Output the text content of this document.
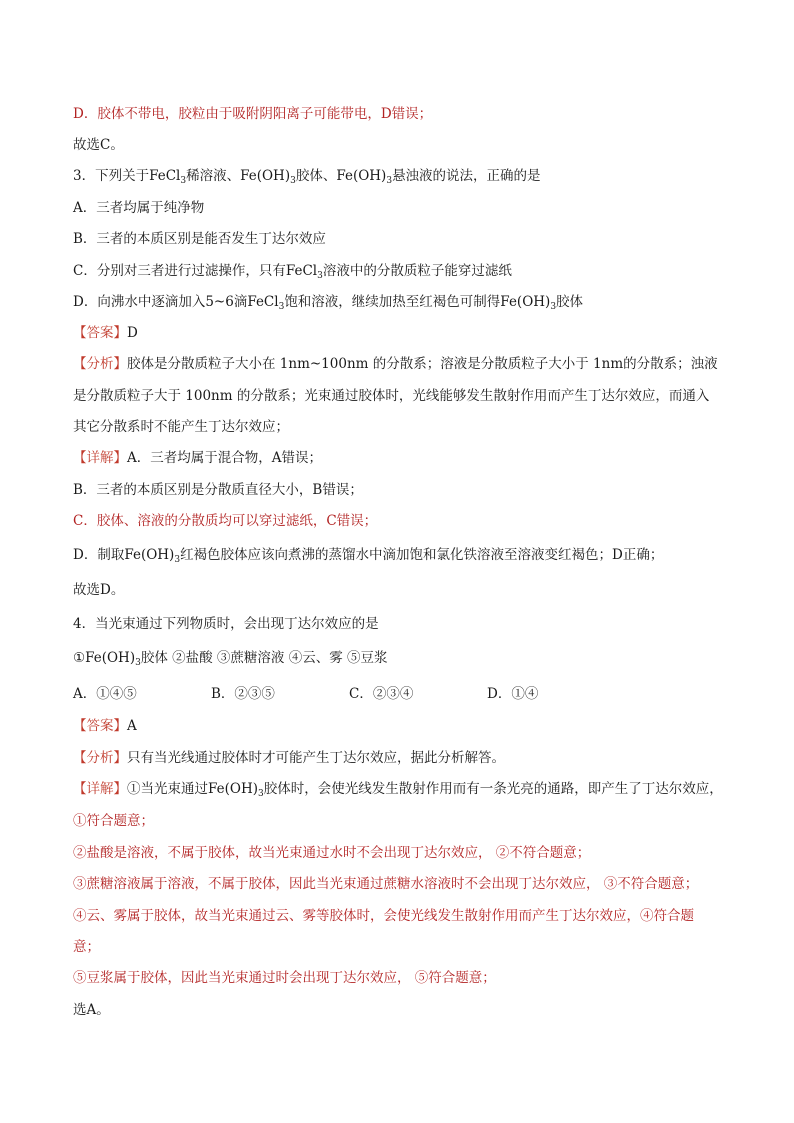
D．胶体不带电，胶粒由于吸附阴阳离子可能带电，D错误；
故选C。
3．下列关于FeCl$_3$稀溶液、$Fe(OH)_3$胶体、$Fe(OH)_3$悬浊液的说法，正确的是
A．三者均属于纯净物
B．三者的本质区别是能否发生丁达尔效应
C．分别对三者进行过滤操作，只有FeCl$_3$溶液中的分散质粒子能穿过滤纸
D．向沸水中逐滴加入5~6滴FeCl$_3$饱和溶液，继续加热至红褐色可制得$Fe(OH)_3$胶体
【答案】D
【分析】胶体是分散质粒子大小在 1nm~100nm 的分散系；溶液是分散质粒子大小于 1nm的分散系；浊液
是分散质粒子大于 100nm 的分散系；光束通过胶体时，光线能够发生散射作用而产生丁达尔效应，而通入
其它分散系时不能产生丁达尔效应；
【详解】A．三者均属于混合物，A错误；
B．三者的本质区别是分散质直径大小，B错误；
C．胶体、溶液的分散质均可以穿过滤纸，C错误；
D．制取$Fe(OH)_3$红褐色胶体应该向煮沸的蒸馏水中滴加饱和氯化铁溶液至溶液变红褐色；D正确；
故选D。
4．当光束通过下列物质时，会出现丁达尔效应的是
$①Fe(OH)_3$胶体 ②盐酸 ③蔗糖溶液 ④云、雾 ⑤豆浆
A．①④⑤	B．②③⑤	C．②③④	D．①④
【答案】A
【分析】只有当光线通过胶体时才可能产生丁达尔效应，据此分析解答。
【详解】①当光束通过$Fe(OH)_3$胶体时，会使光线发生散射作用而有一条光亮的通路，即产生了丁达尔效应，
①符合题意；
②盐酸是溶液，不属于胶体，故当光束通过水时不会出现丁达尔效应， ②不符合题意；
③蔗糖溶液属于溶液，不属于胶体，因此当光束通过蔗糖水溶液时不会出现丁达尔效应， ③不符合题意；
④云、雾属于胶体，故当光束通过云、雾等胶体时，会使光线发生散射作用而产生丁达尔效应，④符合题
意；
⑤豆浆属于胶体，因此当光束通过时会出现丁达尔效应， ⑤符合题意；
选A。
